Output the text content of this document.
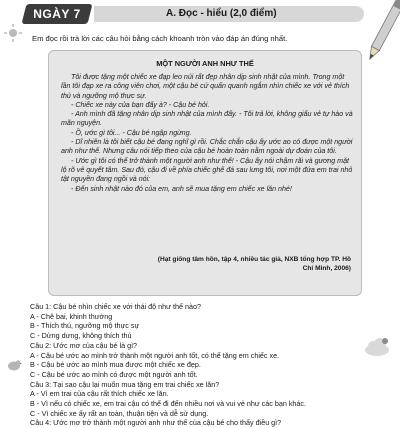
NGÀY 7	A. Đọc - hiểu (2,0 điểm)
Em đọc rồi trả lời các câu hỏi bằng cách khoanh tròn vào đáp án đúng nhất.
MỘT NGƯỜI ANH NHƯ THẾ

Tôi được tặng một chiếc xe đạp leo núi rất đẹp nhân dịp sinh nhật của mình. Trong một lần tôi đạp xe ra công viên chơi, một cậu bé cứ quẩn quanh ngắm nhìn chiếc xe với vẻ thích thú và ngưỡng mộ thực sự.

- Chiếc xe này của bạn đấy à? - Cậu bé hỏi.

- Anh mình đã tặng nhân dịp sinh nhật của mình đấy. - Tôi trả lời, không giấu vẻ tự hào và mãn nguyện.

- Ồ, ước gì tôi... - Cậu bé ngập ngừng.

- Dĩ nhiên là tôi biết cậu bé đang nghĩ gì rồi. Chắc chắn cậu ấy ước ao có được một người anh như thế. Nhưng câu nói tiếp theo của cậu bé hoàn toàn nằm ngoài dự đoán của tôi.

- Ước gì tôi có thể trở thành một người anh như thế! - Cậu ấy nói chậm rãi và gương mặt lộ rõ vẻ quyết tâm. Sau đó, cậu đi về phía chiếc ghế đá sau lưng tôi, nơi một đứa em trai nhỏ tật nguyền đang ngồi và nói:

- Đến sinh nhật nào đó của em, anh sẽ mua tặng em chiếc xe lăn nhé!

(Hạt giống tâm hồn, tập 4, nhiều tác giả, NXB tổng hợp TP. Hồ Chí Minh, 2006)

Câu 1: Cậu bé nhìn chiếc xe với thái độ như thế nào?

A - Chê bai, khinh thường

B - Thích thú, ngưỡng mộ thực sự

C - Dửng dưng, không thích thú

Câu 2: Ước mơ của cậu bé là gì?

A - Cậu bé ước ao mình trở thành một người anh tốt, có thể tặng em chiếc xe.

B - Cậu bé ước ao mình mua được một chiếc xe đẹp.

C - Cậu bé ước ao mình có được một người anh tốt.

Câu 3: Tại sao cậu lại muốn mua tặng em trai chiếc xe lăn?

A - Vì em trai của cậu rất thích chiếc xe lăn.

B - Vì nếu có chiếc xe, em trai cậu có thể đi đến nhiều nơi và vui vẻ như các bạn khác.

C - Vì chiếc xe ấy rất an toàn, thuận tiện và dễ sử dụng.

Câu 4: Ước mơ trở thành một người anh như thế của cậu bé cho thấy điều gì?
